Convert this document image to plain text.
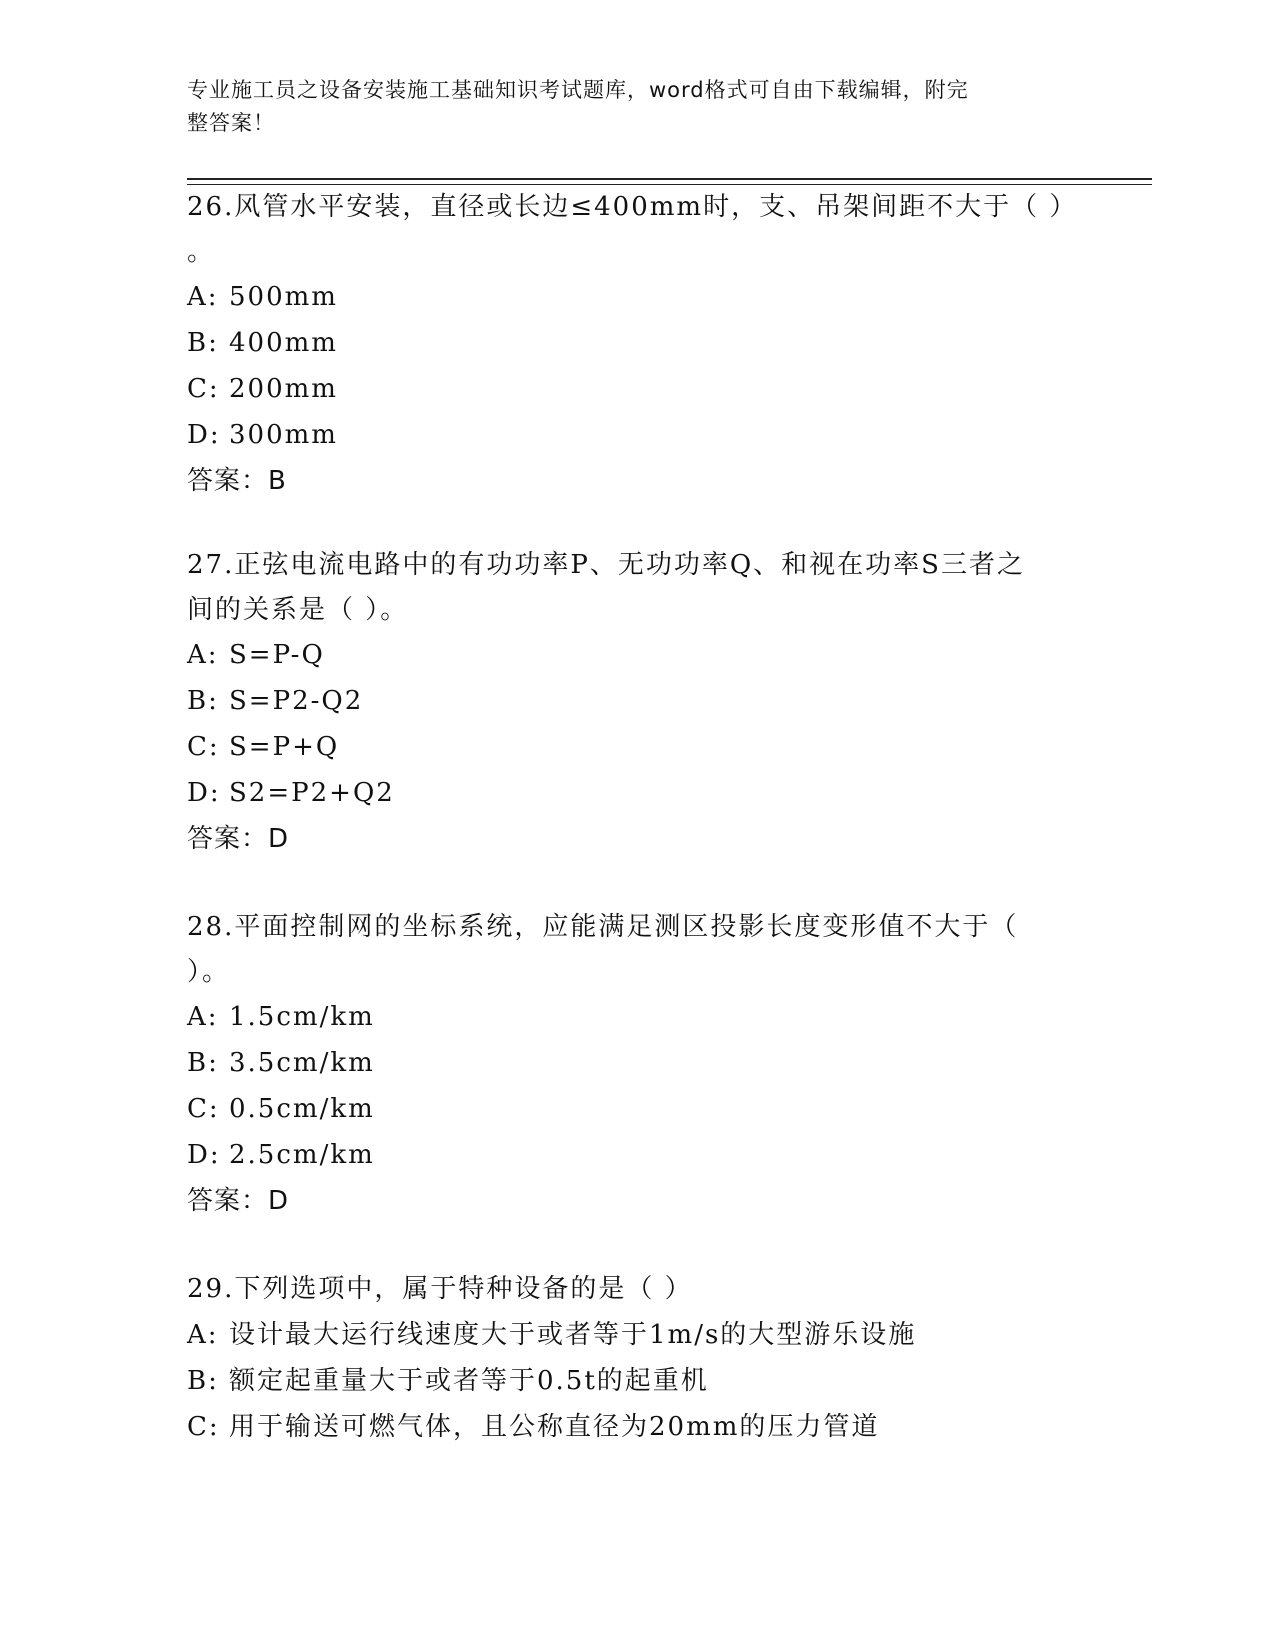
专业施工员之设备安装施工基础知识考试题库，word格式可自由下载编辑，附完
整答案！
26.风管水平安装，直径或长边≤400mm时，支、吊架间距不大于（ ）
。
A: 500mm
B: 400mm
C: 200mm
D: 300mm
答案：B
27.正弦电流电路中的有功功率P、无功功率Q、和视在功率S三者之
间的关系是（ ）。
A: S=P-Q
B: S=P2-Q2
C: S=P+Q
D: S2=P2+Q2
答案：D
28.平面控制网的坐标系统，应能满足测区投影长度变形值不大于（
）。
A: 1.5cm/km
B: 3.5cm/km
C: 0.5cm/km
D: 2.5cm/km
答案：D
29.下列选项中，属于特种设备的是（ ）
A: 设计最大运行线速度大于或者等于1m/s的大型游乐设施
B: 额定起重量大于或者等于0.5t的起重机
C: 用于输送可燃气体，且公称直径为20mm的压力管道
